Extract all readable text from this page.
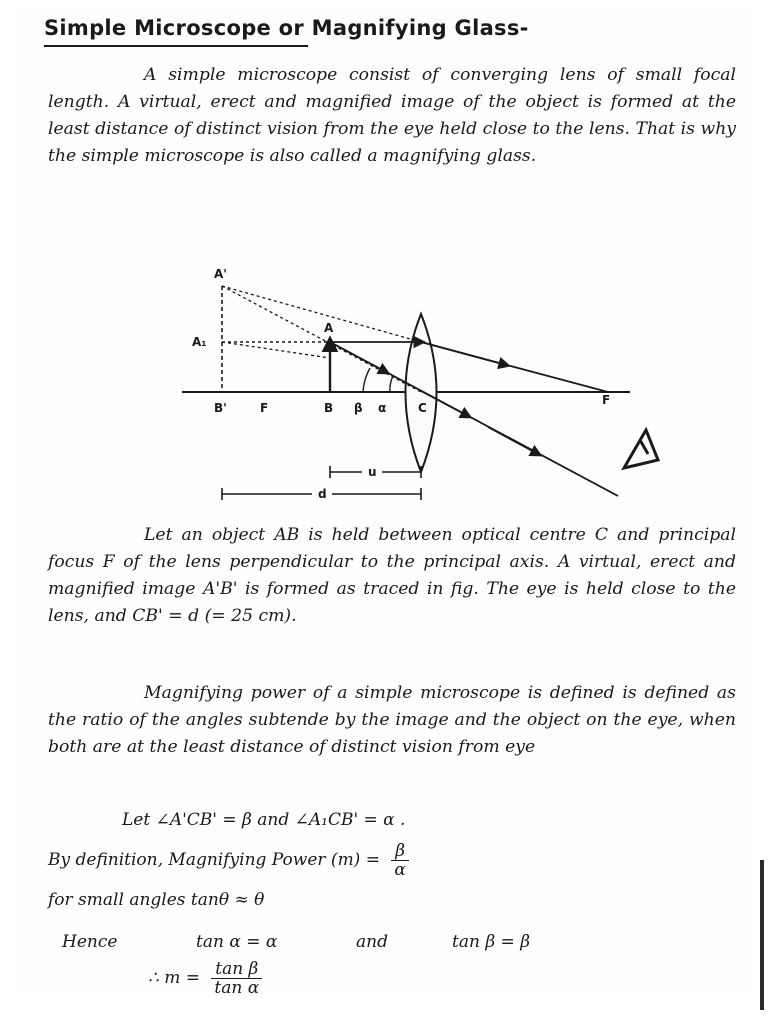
Simple Microscope or Magnifying Glass-
A simple microscope consist of converging lens of small focal length. A virtual, erect and magnified image of the object is formed at the least distance of distinct vision from the eye held close to the lens. That is why the simple microscope is also called a magnifying glass.
A'
A₁
A
B'	F	B β α	C
F
u
d
Let an object AB is held between optical centre C and principal focus F of the lens perpendicular to the principal axis. A virtual, erect and magnified image A'B' is formed as traced in fig. The eye is held close to the lens, and CB' = d (= 25 cm).
Magnifying power of a simple microscope is defined is defined as the ratio of the angles subtende by the image and the object on the eye, when both are at the least distance of distinct vision from eye
Let ∠A'CB' = β and ∠A₁CB' = α .
By definition, Magnifying Power $(m) = \frac{\beta}{\alpha}$
for small angles tanθ ≈ θ
Hence	tan α = α	and	tan β = β
∴ $m = \frac{\text{tan β}}{\text{tan α}}$
